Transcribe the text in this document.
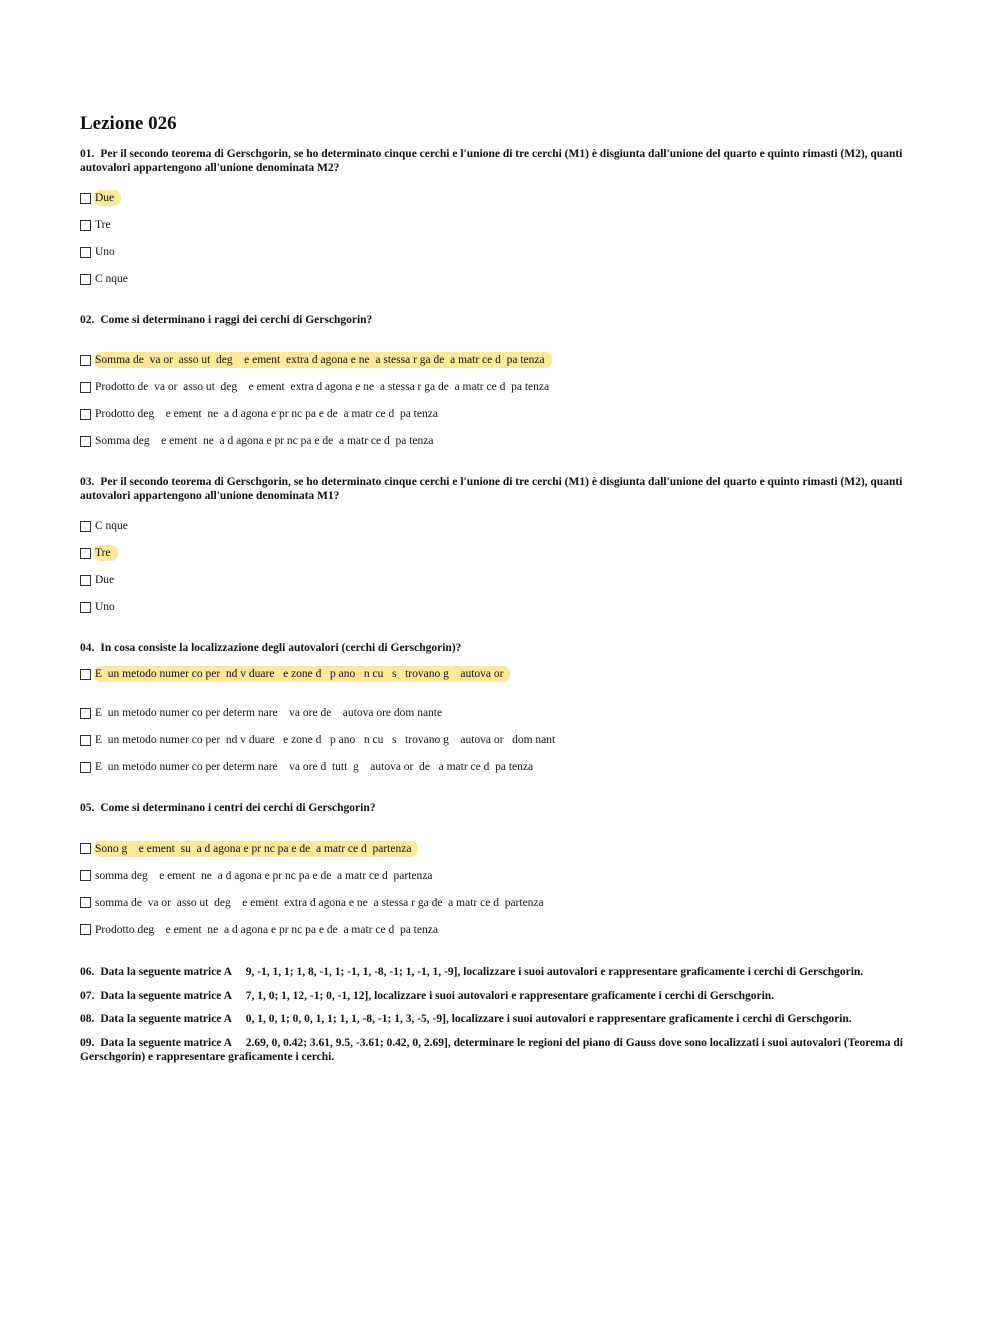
Lezione 026

01. Per il secondo teorema di Gerschgorin, se ho determinato cinque cerchi e l'unione di tre cerchi (M1) è disgiunta dall'unione del quarto e quinto rimasti (M2), quanti autovalori appartengono all'unione denominata M2?

Due
Tre
Uno
C nque

02. Come si determinano i raggi dei cerchi di Gerschgorin?

Somma de  va or  asso ut  deg    e ement  extra d agona e ne  a stessa r ga de  a matr ce d  pa tenza
Prodotto de  va or  asso ut  deg    e ement  extra d agona e ne  a stessa r ga de  a matr ce d  pa tenza
Prodotto deg    e ement  ne  a d agona e pr nc pa e de  a matr ce d  pa tenza
Somma deg    e ement  ne  a d agona e pr nc pa e de  a matr ce d  pa tenza

03. Per il secondo teorema di Gerschgorin, se ho determinato cinque cerchi e l'unione di tre cerchi (M1) è disgiunta dall'unione del quarto e quinto rimasti (M2), quanti autovalori appartengono all'unione denominata M1?

C nque
Tre
Due
Uno

04. In cosa consiste la localizzazione degli autovalori (cerchi di Gerschgorin)?

E  un metodo numer co per  nd v duare   e zone d   p ano   n cu   s   trovano g    autova or
E  un metodo numer co per determ nare    va ore de    autova ore dom nante
E  un metodo numer co per  nd v duare   e zone d   p ano   n cu   s   trovano g    autova or   dom nant
E  un metodo numer co per determ nare    va ore d  tutt  g    autova or  de   a matr ce d  pa tenza

05. Come si determinano i centri dei cerchi di Gerschgorin?

Sono g    e ement  su  a d agona e pr nc pa e de  a matr ce d  partenza
somma deg    e ement  ne  a d agona e pr nc pa e de  a matr ce d  partenza
somma de  va or  asso ut  deg    e ement  extra d agona e ne  a stessa r ga de  a matr ce d  partenza
Prodotto deg    e ement  ne  a d agona e pr nc pa e de  a matr ce d  pa tenza

06. Data la seguente matrice A     9, -1, 1, 1; 1, 8, -1, 1; -1, 1, -8, -1; 1, -1, 1, -9], localizzare i suoi autovalori e rappresentare graficamente i cerchi di Gerschgorin.

07. Data la seguente matrice A     7, 1, 0; 1, 12, -1; 0, -1, 12], localizzare i suoi autovalori e rappresentare graficamente i cerchi di Gerschgorin.

08. Data la seguente matrice A     0, 1, 0, 1; 0, 0, 1, 1; 1, 1, -8, -1; 1, 3, -5, -9], localizzare i suoi autovalori e rappresentare graficamente i cerchi di Gerschgorin.

09. Data la seguente matrice A     2.69, 0, 0.42; 3.61, 9.5, -3.61; 0.42, 0, 2.69], determinare le regioni del piano di Gauss dove sono localizzati i suoi autovalori (Teorema di Gerschgorin) e rappresentare graficamente i cerchi.
